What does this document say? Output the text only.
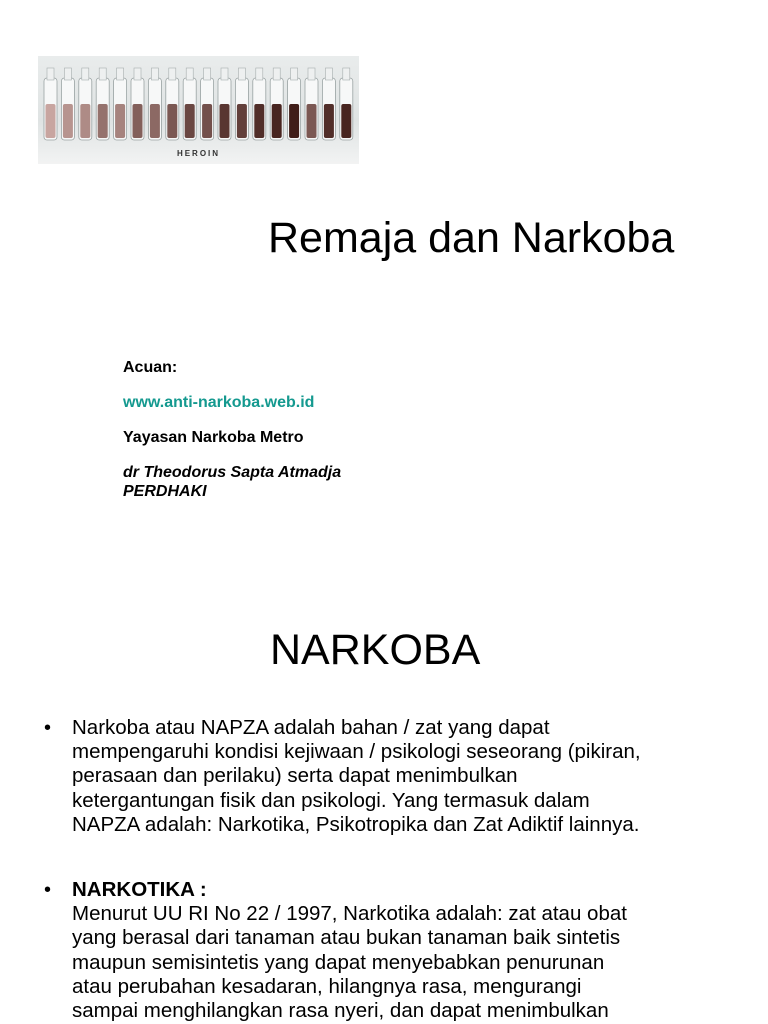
HEROIN
Remaja dan Narkoba
Acuan:
www.anti-narkoba.web.id
Yayasan Narkoba Metro
dr Theodorus Sapta Atmadja
PERDHAKI
NARKOBA
• Narkoba atau NAPZA adalah bahan / zat yang dapat
mempengaruhi kondisi kejiwaan / psikologi seseorang (pikiran,
perasaan dan perilaku) serta dapat menimbulkan
ketergantungan fisik dan psikologi. Yang termasuk dalam
NAPZA adalah: Narkotika, Psikotropika dan Zat Adiktif lainnya.
• NARKOTIKA :
Menurut UU RI No 22 / 1997, Narkotika adalah: zat atau obat
yang berasal dari tanaman atau bukan tanaman baik sintetis
maupun semisintetis yang dapat menyebabkan penurunan
atau perubahan kesadaran, hilangnya rasa, mengurangi
sampai menghilangkan rasa nyeri, dan dapat menimbulkan
